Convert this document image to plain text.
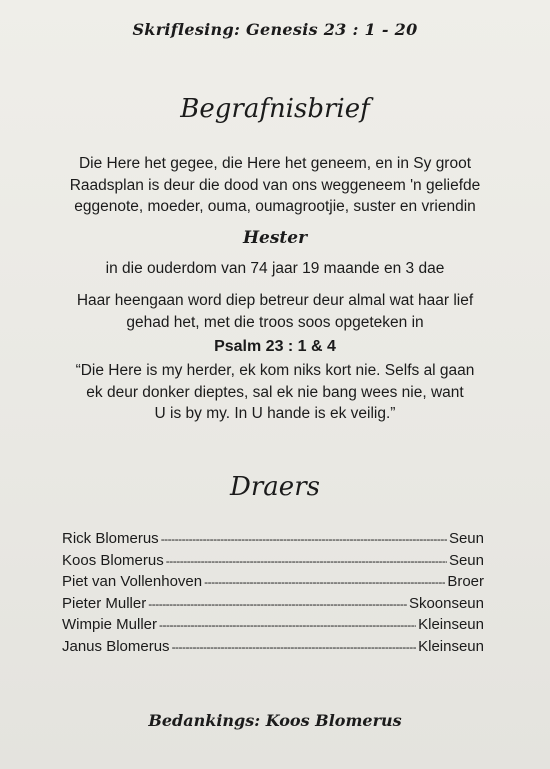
Skriflesing: Genesis 23 : 1 - 20
Begrafnisbrief
Die Here het gegee, die Here het geneem, en in Sy groot
Raadsplan is deur die dood van ons weggeneem 'n geliefde
eggenote, moeder, ouma, oumagrootjie, suster en vriendin
Hester
in die ouderdom van 74 jaar 19 maande en 3 dae
Haar heengaan word diep betreur deur almal wat haar lief
gehad het, met die troos soos opgeteken in
Psalm 23 : 1 & 4
“Die Here is my herder, ek kom niks kort nie. Selfs al gaan
ek deur donker dieptes, sal ek nie bang wees nie, want
U is by my. In U hande is ek veilig.”
Draers
Rick Blomerus -----	Seun
Koos Blomerus -----	Seun
Piet van Vollenhoven -----	Broer
Pieter Muller -----	Skoonseun
Wimpie Muller -----	Kleinseun
Janus Blomerus -----	Kleinseun
Bedankings: Koos Blomerus
